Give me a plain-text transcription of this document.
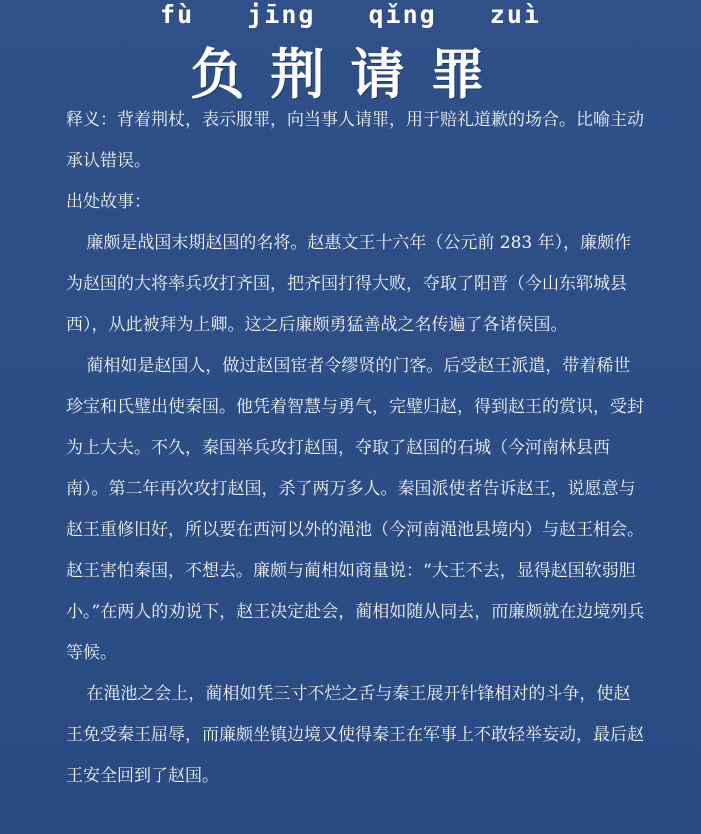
fù jīng qǐng zuì
负荆请罪

释义：背着荆杖，表示服罪，向当事人请罪，用于赔礼道歉的场合。比喻主动承认错误。

出处故事：

廉颇是战国末期赵国的名将。赵惠文王十六年（公元前 283 年），廉颇作为赵国的大将率兵攻打齐国，把齐国打得大败，夺取了阳晋（今山东郓城县西），从此被拜为上卿。这之后廉颇勇猛善战之名传遍了各诸侯国。

蔺相如是赵国人，做过赵国宦者令缪贤的门客。后受赵王派遣，带着稀世珍宝和氏璧出使秦国。他凭着智慧与勇气，完璧归赵，得到赵王的赏识，受封为上大夫。不久，秦国举兵攻打赵国，夺取了赵国的石城（今河南林县西南）。第二年再次攻打赵国，杀了两万多人。秦国派使者告诉赵王，说愿意与赵王重修旧好，所以要在西河以外的渑池（今河南渑池县境内）与赵王相会。赵王害怕秦国，不想去。廉颇与蔺相如商量说：“大王不去，显得赵国软弱胆小。”在两人的劝说下，赵王决定赴会，蔺相如随从同去，而廉颇就在边境列兵等候。

在渑池之会上，蔺相如凭三寸不烂之舌与秦王展开针锋相对的斗争，使赵王免受秦王屈辱，而廉颇坐镇边境又使得秦王在军事上不敢轻举妄动，最后赵王安全回到了赵国。
